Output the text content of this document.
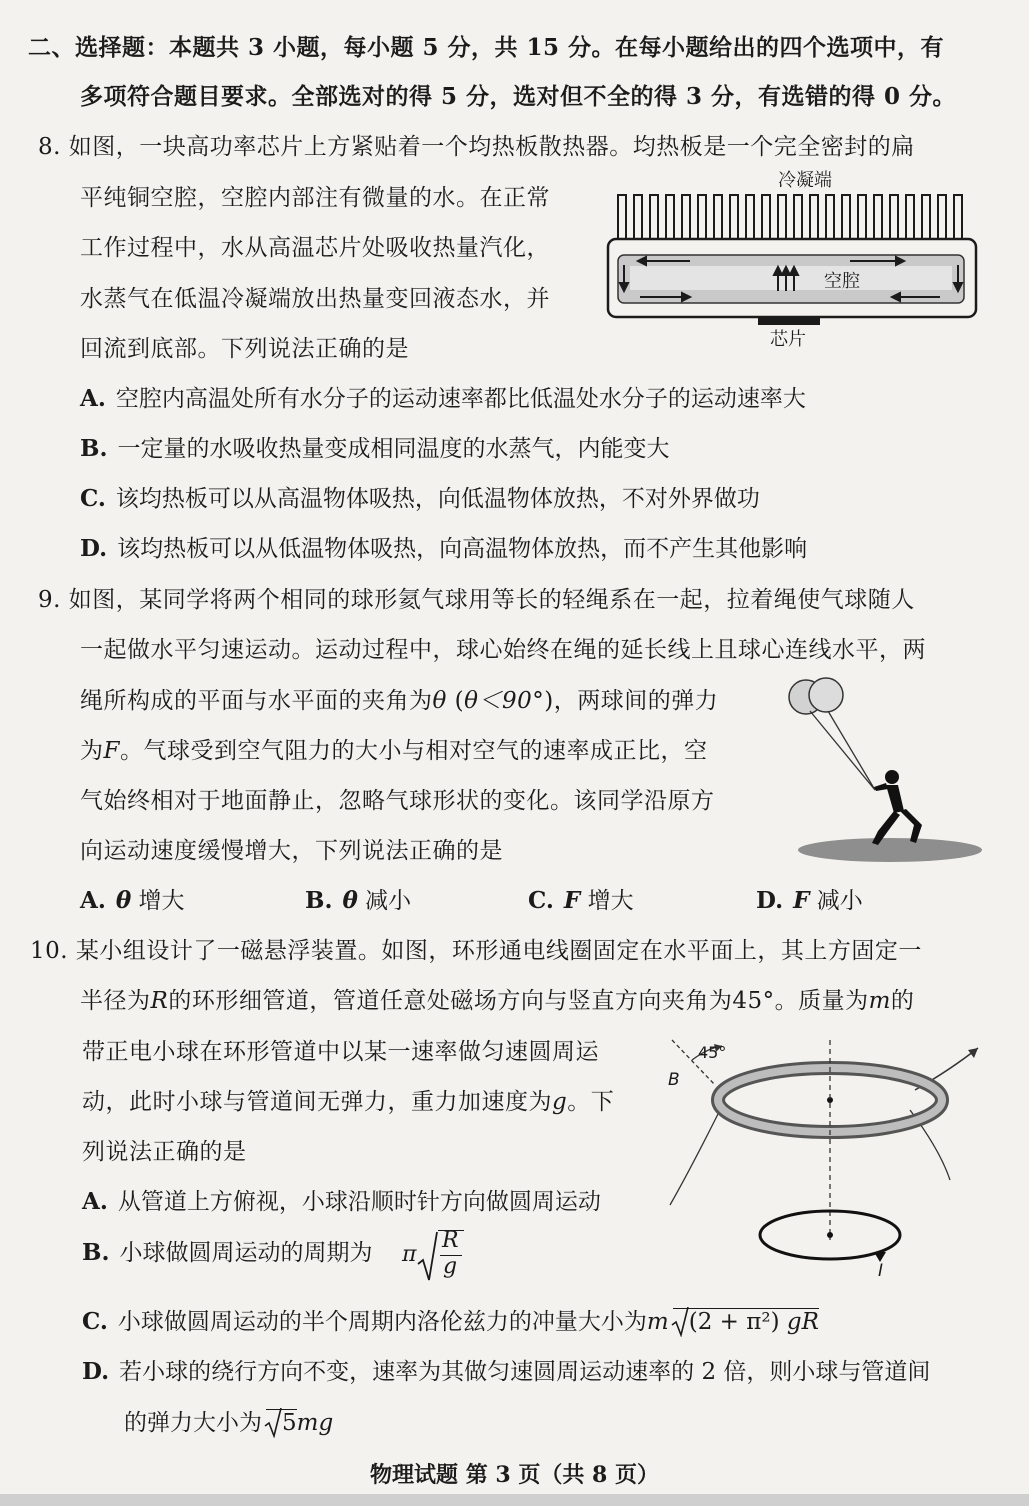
二、选择题：本题共 3 小题，每小题 5 分，共 15 分。在每小题给出的四个选项中，有
多项符合题目要求。全部选对的得 5 分，选对但不全的得 3 分，有选错的得 0 分。
8. 如图，一块高功率芯片上方紧贴着一个均热板散热器。均热板是一个完全密封的扁
平纯铜空腔，空腔内部注有微量的水。在正常
工作过程中，水从高温芯片处吸收热量汽化，
水蒸气在低温冷凝端放出热量变回液态水，并
回流到底部。下列说法正确的是
冷凝端
空腔
芯片
A. 空腔内高温处所有水分子的运动速率都比低温处水分子的运动速率大
B. 一定量的水吸收热量变成相同温度的水蒸气，内能变大
C. 该均热板可以从高温物体吸热，向低温物体放热，不对外界做功
D. 该均热板可以从低温物体吸热，向高温物体放热，而不产生其他影响
9. 如图，某同学将两个相同的球形氦气球用等长的轻绳系在一起，拉着绳使气球随人
一起做水平匀速运动。运动过程中，球心始终在绳的延长线上且球心连线水平，两
绳所构成的平面与水平面的夹角为θ (θ＜90°)，两球间的弹力
为F。气球受到空气阻力的大小与相对空气的速率成正比，空
气始终相对于地面静止，忽略气球形状的变化。该同学沿原方
向运动速度缓慢增大，下列说法正确的是
A. θ 增大	B. θ 减小	C. F 增大	D. F 减小
10. 某小组设计了一磁悬浮装置。如图，环形通电线圈固定在水平面上，其上方固定一
半径为R的环形细管道，管道任意处磁场方向与竖直方向夹角为45°。质量为m的
带正电小球在环形管道中以某一速率做匀速圆周运
动，此时小球与管道间无弹力，重力加速度为g。下
列说法正确的是
45°
B
I
A. 从管道上方俯视，小球沿顺时针方向做圆周运动
B. 小球做圆周运动的周期为 π
R
g
C. 小球做圆周运动的半个周期内洛伦兹力的冲量大小为m (2 + π²) gR
D. 若小球的绕行方向不变，速率为其做匀速圆周运动速率的 2 倍，则小球与管道间
的弹力大小为 5mg
物理试题 第 3 页（共 8 页）
